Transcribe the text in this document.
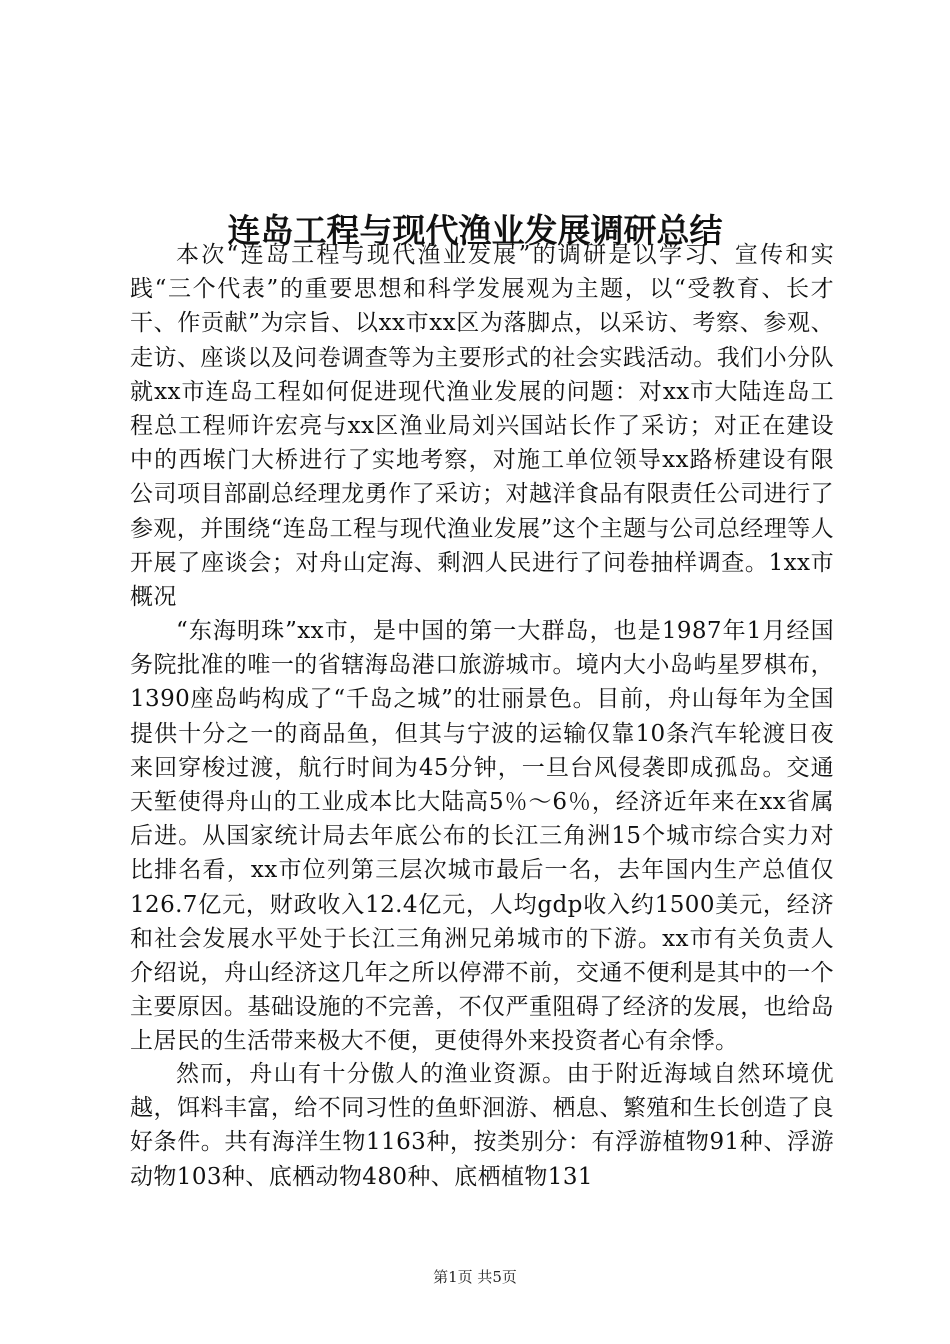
连岛工程与现代渔业发展调研总结

本次“连岛工程与现代渔业发展”的调研是以学习、宣传和实践“三个代表”的重要思想和科学发展观为主题，以“受教育、长才干、作贡献”为宗旨、以xx市xx区为落脚点，以采访、考察、参观、走访、座谈以及问卷调查等为主要形式的社会实践活动。我们小分队就xx市连岛工程如何促进现代渔业发展的问题：对xx市大陆连岛工程总工程师许宏亮与xx区渔业局刘兴国站长作了采访；对正在建设中的西堠门大桥进行了实地考察，对施工单位领导xx路桥建设有限公司项目部副总经理龙勇作了采访；对越洋食品有限责任公司进行了参观，并围绕“连岛工程与现代渔业发展”这个主题与公司总经理等人开展了座谈会；对舟山定海、剩泗人民进行了问卷抽样调查。1xx市概况

“东海明珠”xx市，是中国的第一大群岛，也是1987年1月经国务院批准的唯一的省辖海岛港口旅游城市。境内大小岛屿星罗棋布，1390座岛屿构成了“千岛之城”的壮丽景色。目前，舟山每年为全国提供十分之一的商品鱼，但其与宁波的运输仅靠10条汽车轮渡日夜来回穿梭过渡，航行时间为45分钟，一旦台风侵袭即成孤岛。交通天堑使得舟山的工业成本比大陆高5％～6％，经济近年来在xx省属后进。从国家统计局去年底公布的长江三角洲15个城市综合实力对比排名看，xx市位列第三层次城市最后一名，去年国内生产总值仅126.7亿元，财政收入12.4亿元，人均gdp收入约1500美元，经济和社会发展水平处于长江三角洲兄弟城市的下游。xx市有关负责人介绍说，舟山经济这几年之所以停滞不前，交通不便利是其中的一个主要原因。基础设施的不完善，不仅严重阻碍了经济的发展，也给岛上居民的生活带来极大不便，更使得外来投资者心有余悸。

然而，舟山有十分傲人的渔业资源。由于附近海域自然环境优越，饵料丰富，给不同习性的鱼虾洄游、栖息、繁殖和生长创造了良好条件。共有海洋生物1163种，按类别分：有浮游植物91种、浮游动物103种、底栖动物480种、底栖植物131

第1页 共5页
